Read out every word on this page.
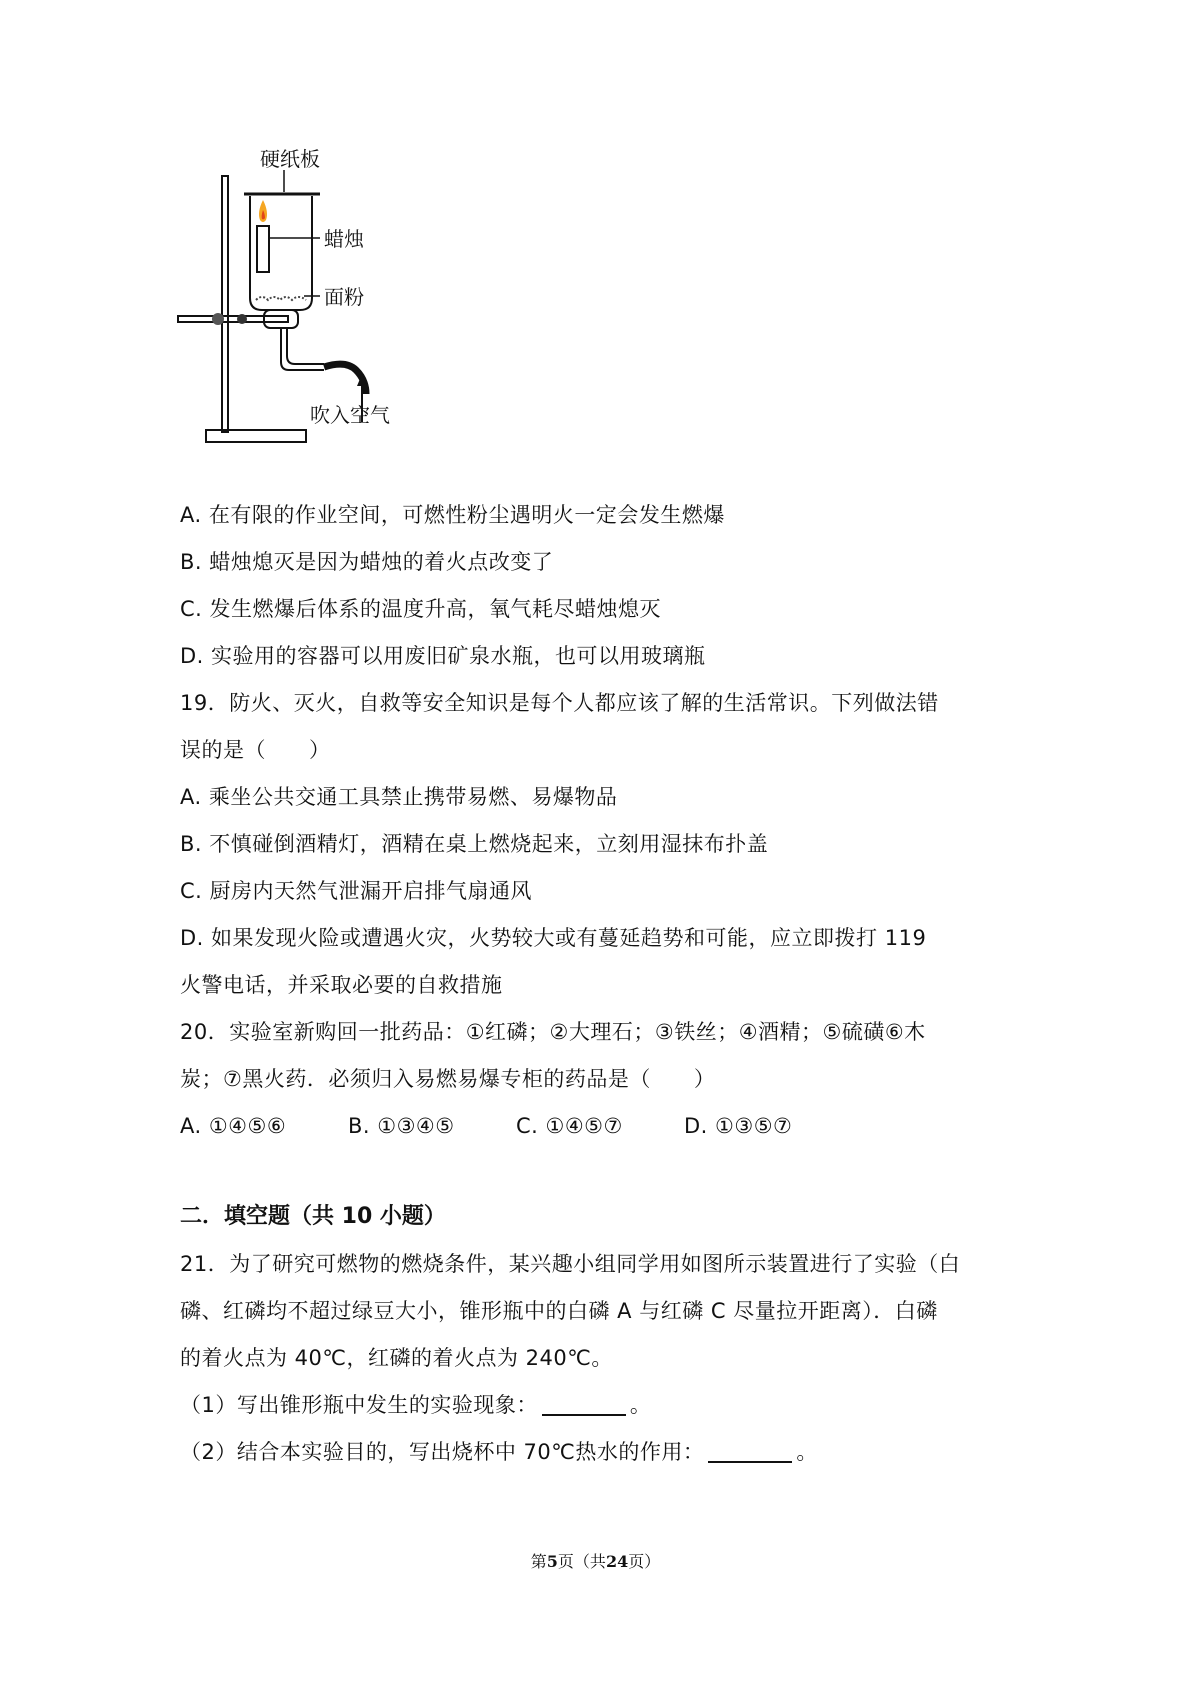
硬纸板
蜡烛
面粉
吹入空气
A. 在有限的作业空间，可燃性粉尘遇明火一定会发生燃爆
B. 蜡烛熄灭是因为蜡烛的着火点改变了
C. 发生燃爆后体系的温度升高，氧气耗尽蜡烛熄灭
D. 实验用的容器可以用废旧矿泉水瓶，也可以用玻璃瓶
19．防火、灭火，自救等安全知识是每个人都应该了解的生活常识。下列做法错
误的是（　　）
A. 乘坐公共交通工具禁止携带易燃、易爆物品
B. 不慎碰倒酒精灯，酒精在桌上燃烧起来，立刻用湿抹布扑盖
C. 厨房内天然气泄漏开启排气扇通风
D. 如果发现火险或遭遇火灾，火势较大或有蔓延趋势和可能，应立即拨打 119
火警电话，并采取必要的自救措施
20．实验室新购回一批药品：①红磷；②大理石；③铁丝；④酒精；⑤硫磺⑥木
炭；⑦黑火药．必须归入易燃易爆专柜的药品是（　　）
A. ①④⑤⑥	B. ①③④⑤	C. ①④⑤⑦	D. ①③⑤⑦
二．填空题（共 10 小题）
21．为了研究可燃物的燃烧条件，某兴趣小组同学用如图所示装置进行了实验（白
磷、红磷均不超过绿豆大小，锥形瓶中的白磷 A 与红磷 C 尽量拉开距离）．白磷
的着火点为 40℃，红磷的着火点为 240℃。
（1）写出锥形瓶中发生的实验现象：	。
（2）结合本实验目的，写出烧杯中 70℃热水的作用：	。
第5页（共24页）
